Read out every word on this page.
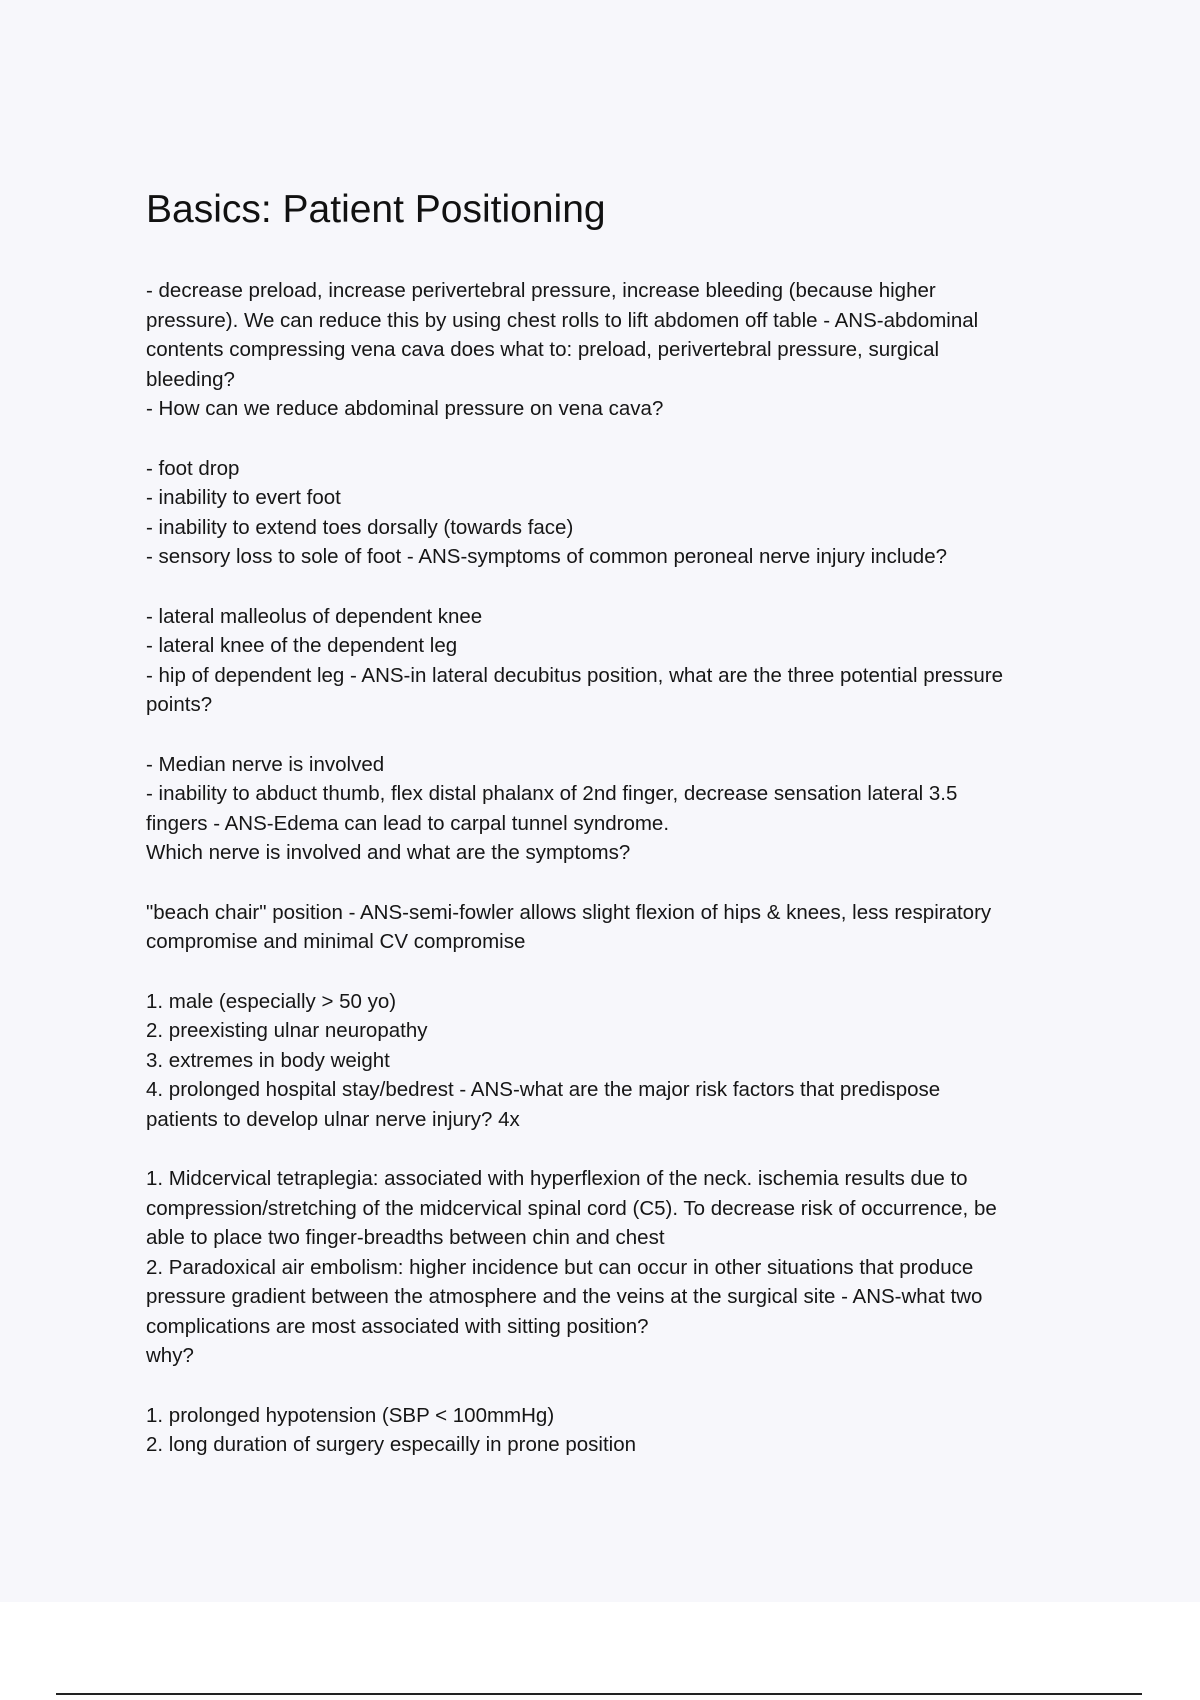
Basics: Patient Positioning
- decrease preload, increase perivertebral pressure, increase bleeding (because higher
pressure). We can reduce this by using chest rolls to lift abdomen off table - ANS-abdominal
contents compressing vena cava does what to: preload, perivertebral pressure, surgical
bleeding?
- How can we reduce abdominal pressure on vena cava?
- foot drop
- inability to evert foot
- inability to extend toes dorsally (towards face)
- sensory loss to sole of foot - ANS-symptoms of common peroneal nerve injury include?
- lateral malleolus of dependent knee
- lateral knee of the dependent leg
- hip of dependent leg - ANS-in lateral decubitus position, what are the three potential pressure
points?
- Median nerve is involved
- inability to abduct thumb, flex distal phalanx of 2nd finger, decrease sensation lateral 3.5
fingers - ANS-Edema can lead to carpal tunnel syndrome.
Which nerve is involved and what are the symptoms?
"beach chair" position - ANS-semi-fowler allows slight flexion of hips & knees, less respiratory
compromise and minimal CV compromise
1. male (especially > 50 yo)
2. preexisting ulnar neuropathy
3. extremes in body weight
4. prolonged hospital stay/bedrest - ANS-what are the major risk factors that predispose
patients to develop ulnar nerve injury? 4x
1. Midcervical tetraplegia: associated with hyperflexion of the neck. ischemia results due to
compression/stretching of the midcervical spinal cord (C5). To decrease risk of occurrence, be
able to place two finger-breadths between chin and chest
2. Paradoxical air embolism: higher incidence but can occur in other situations that produce
pressure gradient between the atmosphere and the veins at the surgical site - ANS-what two
complications are most associated with sitting position?
why?
1. prolonged hypotension (SBP < 100mmHg)
2. long duration of surgery especailly in prone position
